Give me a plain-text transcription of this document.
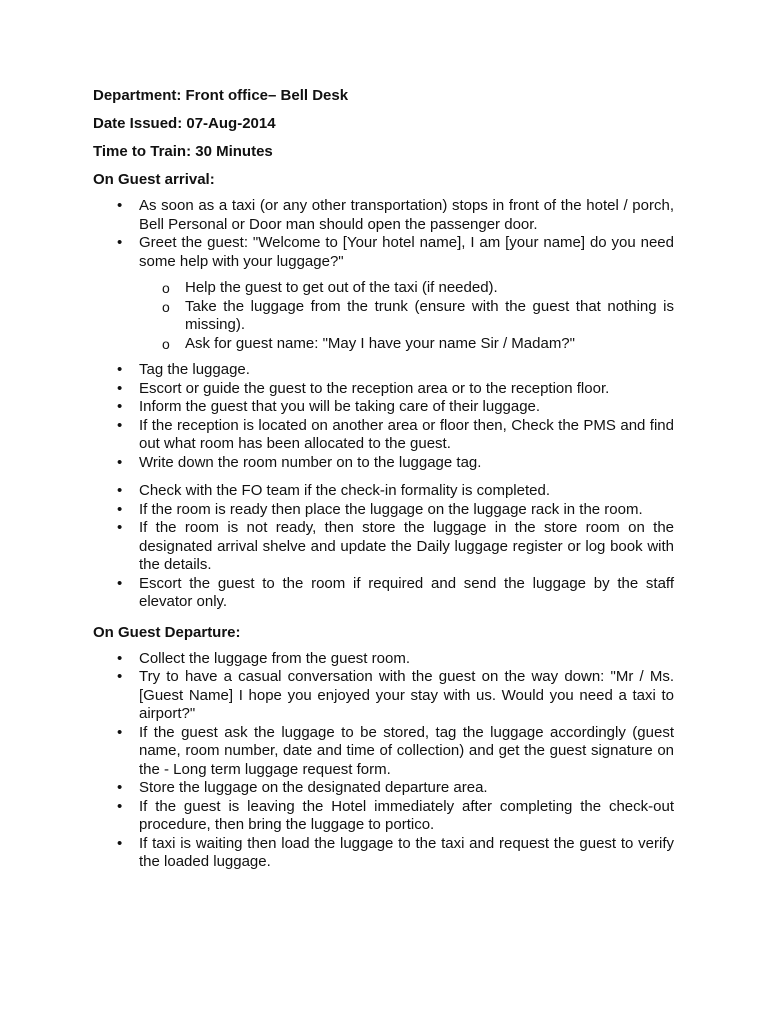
Department: Front office– Bell Desk
Date Issued: 07-Aug-2014
Time to Train: 30 Minutes
On Guest arrival:
• As soon as a taxi (or any other transportation) stops in front of the hotel / porch, Bell Personal or Door man should open the passenger door.
• Greet the guest: "Welcome to [Your hotel name], I am [your name] do you need some help with your luggage?"
o Help the guest to get out of the taxi (if needed).
o Take the luggage from the trunk (ensure with the guest that nothing is missing).
o Ask for guest name: "May I have your name Sir / Madam?"
• Tag the luggage.
• Escort or guide the guest to the reception area or to the reception floor.
• Inform the guest that you will be taking care of their luggage.
• If the reception is located on another area or floor then, Check the PMS and find out what room has been allocated to the guest.
• Write down the room number on to the luggage tag.
• Check with the FO team if the check-in formality is completed.
• If the room is ready then place the luggage on the luggage rack in the room.
• If the room is not ready, then store the luggage in the store room on the designated arrival shelve and update the Daily luggage register or log book with the details.
• Escort the guest to the room if required and send the luggage by the staff elevator only.
On Guest Departure:
• Collect the luggage from the guest room.
• Try to have a casual conversation with the guest on the way down: "Mr / Ms. [Guest Name] I hope you enjoyed your stay with us. Would you need a taxi to airport?"
• If the guest ask the luggage to be stored, tag the luggage accordingly (guest name, room number, date and time of collection) and get the guest signature on the - Long term luggage request form.
• Store the luggage on the designated departure area.
• If the guest is leaving the Hotel immediately after completing the check-out procedure, then bring the luggage to portico.
• If taxi is waiting then load the luggage to the taxi and request the guest to verify the loaded luggage.
